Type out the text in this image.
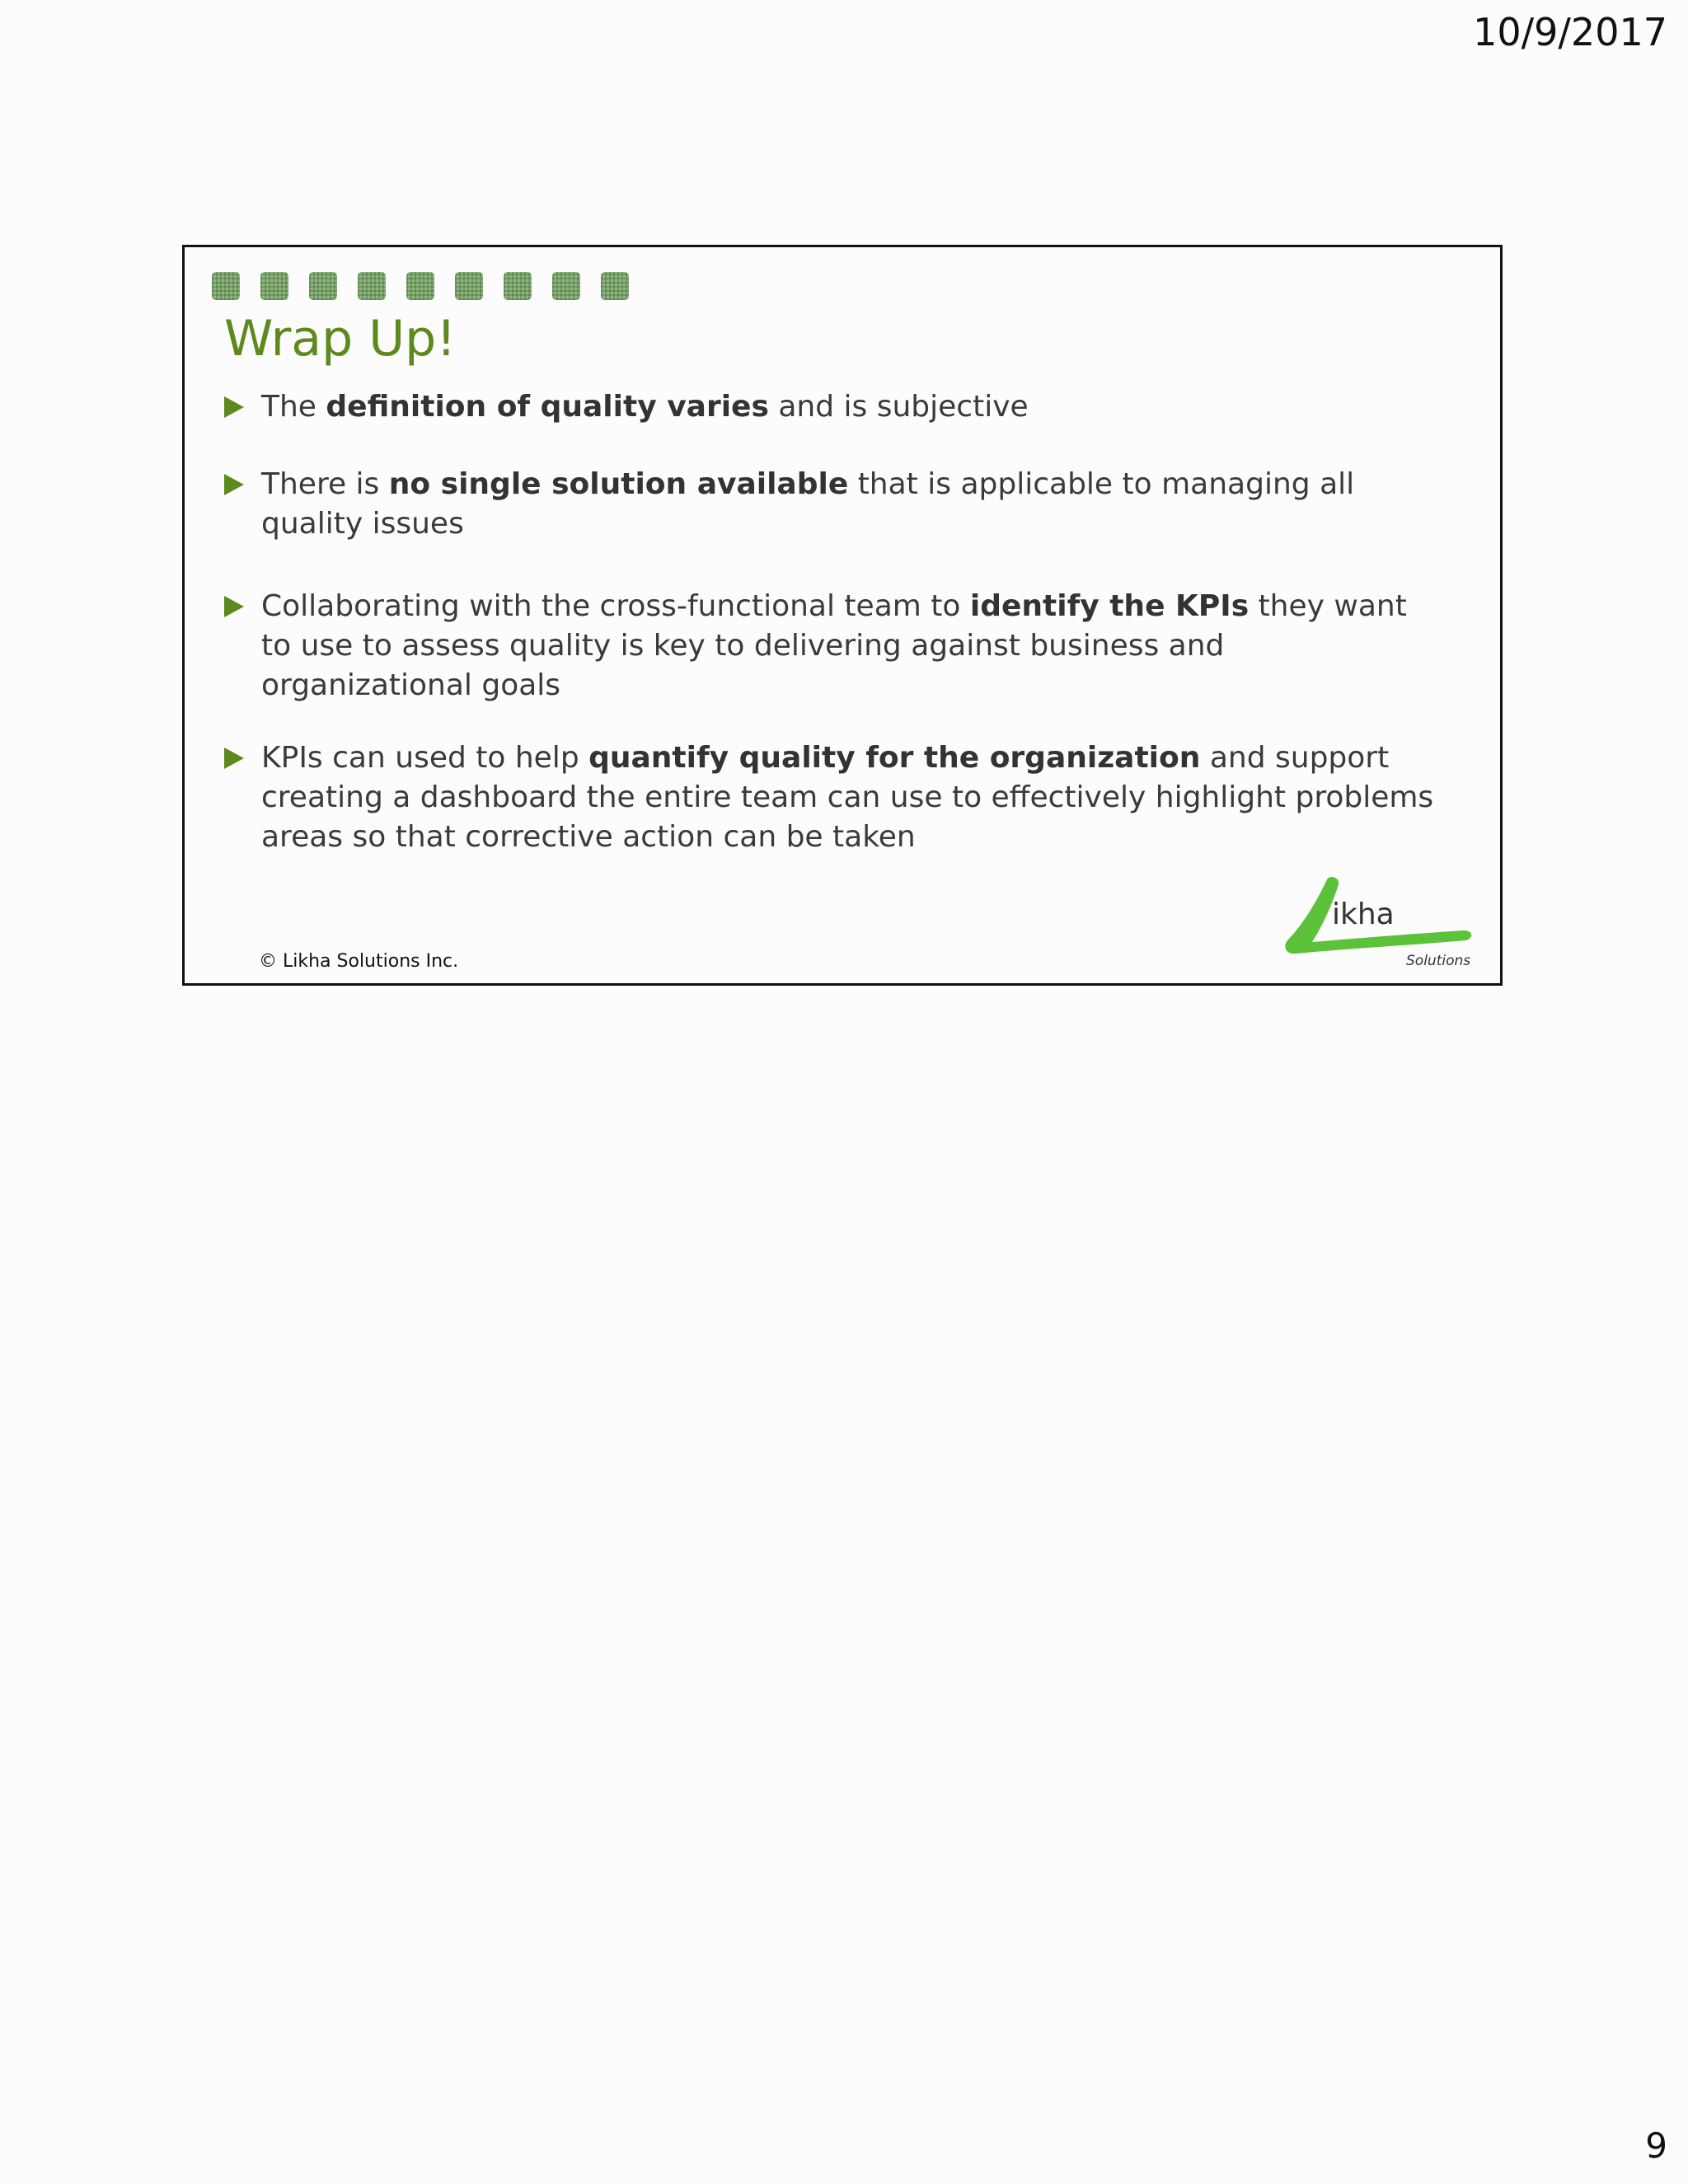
10/9/2017
Wrap Up!
The definition of quality varies and is subjective
There is no single solution available that is applicable to managing all quality issues
Collaborating with the cross-functional team to identify the KPIs they want to use to assess quality is key to delivering against business and organizational goals
KPIs can used to help quantify quality for the organization and support creating a dashboard the entire team can use to effectively highlight problems areas so that corrective action can be taken
© Likha Solutions Inc.
ikha
Solutions
9
